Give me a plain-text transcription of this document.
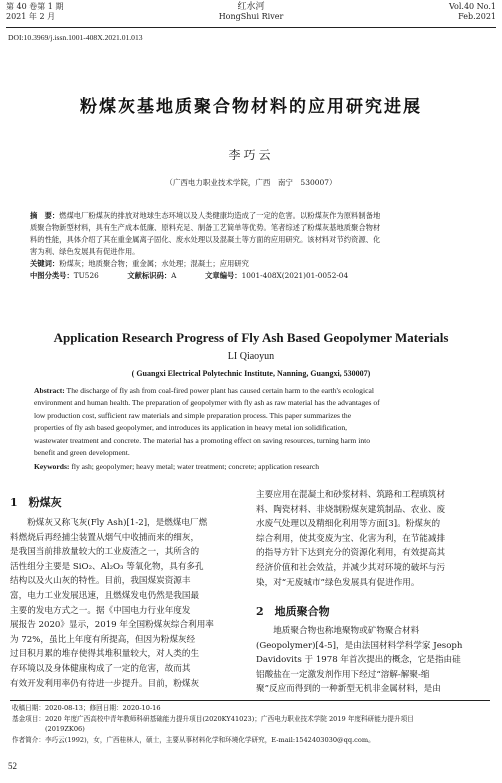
第 40 卷第 1 期
2021 年 2 月
红水河
HongShui River
Vol.40 No.1
Feb.2021
DOI:10.3969/j.issn.1001-408X.2021.01.013
粉煤灰基地质聚合物材料的应用研究进展
李巧云
（广西电力职业技术学院，广西　南宁　530007）
摘　要：燃煤电厂粉煤灰的排放对地球生态环境以及人类健康均造成了一定的危害。以粉煤灰作为原料制备地
质聚合物新型材料，具有生产成本低廉、原料充足、制备工艺简单等优势。笔者综述了粉煤灰基地质聚合物材
料的性能，具体介绍了其在重金属离子固化、废水处理以及混凝土等方面的应用研究。该材料对节约资源、化
害为利、绿色发展具有促进作用。
关键词：粉煤灰；地质聚合物；重金属；水处理；混凝土；应用研究
中图分类号：TU526	文献标识码：A	文章编号：1001-408X(2021)01-0052-04
Application Research Progress of Fly Ash Based Geopolymer Materials
LI Qiaoyun
( Guangxi Electrical Polytechnic Institute, Nanning, Guangxi, 530007)
Abstract: The discharge of fly ash from coal-fired power plant has caused certain harm to the earth's ecological
environment and human health. The preparation of geopolymer with fly ash as raw material has the advantages of
low production cost, sufficient raw materials and simple preparation process. This paper summarizes the
properties of fly ash based geopolymer, and introduces its application in heavy metal ion solidification,
wastewater treatment and concrete. The material has a promoting effect on saving resources, turning harm into
benefit and green development.
Keywords: fly ash; geopolymer; heavy metal; water treatment; concrete; application research
1　粉煤灰
　　粉煤灰又称飞灰(Fly Ash)[1-2]，是燃煤电厂燃
料燃烧后再经捕尘装置从烟气中收捕而来的细灰，
是我国当前排放量较大的工业废渣之一，其所含的
活性组分主要是 SiO₂、Al₂O₃ 等氧化物，具有多孔
结构以及火山灰的特性。目前，我国煤炭资源丰
富，电力工业发展迅速，且燃煤发电仍然是我国最
主要的发电方式之一。据《中国电力行业年度发
展报告 2020》显示，2019 年全国粉煤灰综合利用率
为 72%，虽比上年度有所提高，但因为粉煤灰经
过目积月累的堆存使得其堆积量较大，对人类的生
存环境以及身体健康构成了一定的危害，故而其
有效开发利用率仍有待进一步提升。目前，粉煤灰
主要应用在混凝土和砂浆材料、筑路和工程填筑材
料、陶瓷材料、非烧制粉煤灰建筑制品、农业、废
水废气处理以及精细化利用等方面[3]。粉煤灰的
综合利用，使其变废为宝、化害为利，在节能减排
的指导方针下达到充分的资源化利用，有效提高其
经济价值和社会效益，并减少其对环境的破坏与污
染，对“无废城市”绿色发展具有促进作用。
2　地质聚合物
　　地质聚合物也称地聚物或矿物聚合材料
(Geopolymer)[4-5]，是由法国材料学科学家 Jesoph
Davidovits 于 1978 年首次提出的概念，它是指由硅
铝酸盐在一定激发剂作用下经过“溶解-解聚-缩
聚”反应而得到的一种新型无机非金属材料，是由
收稿日期：2020-08-13；修回日期：2020-10-16
基金项目：2020 年度广西高校中青年教师科研基础能力提升项目(2020KY41023)；广西电力职业技术学院 2019 年度科研能力提升项目
　　　　　(2019ZK06)
作者简介：李巧云(1992)，女，广西桂林人，硕士，主要从事材料化学和环境化学研究，E-mail:1542403030@qq.com。
52
